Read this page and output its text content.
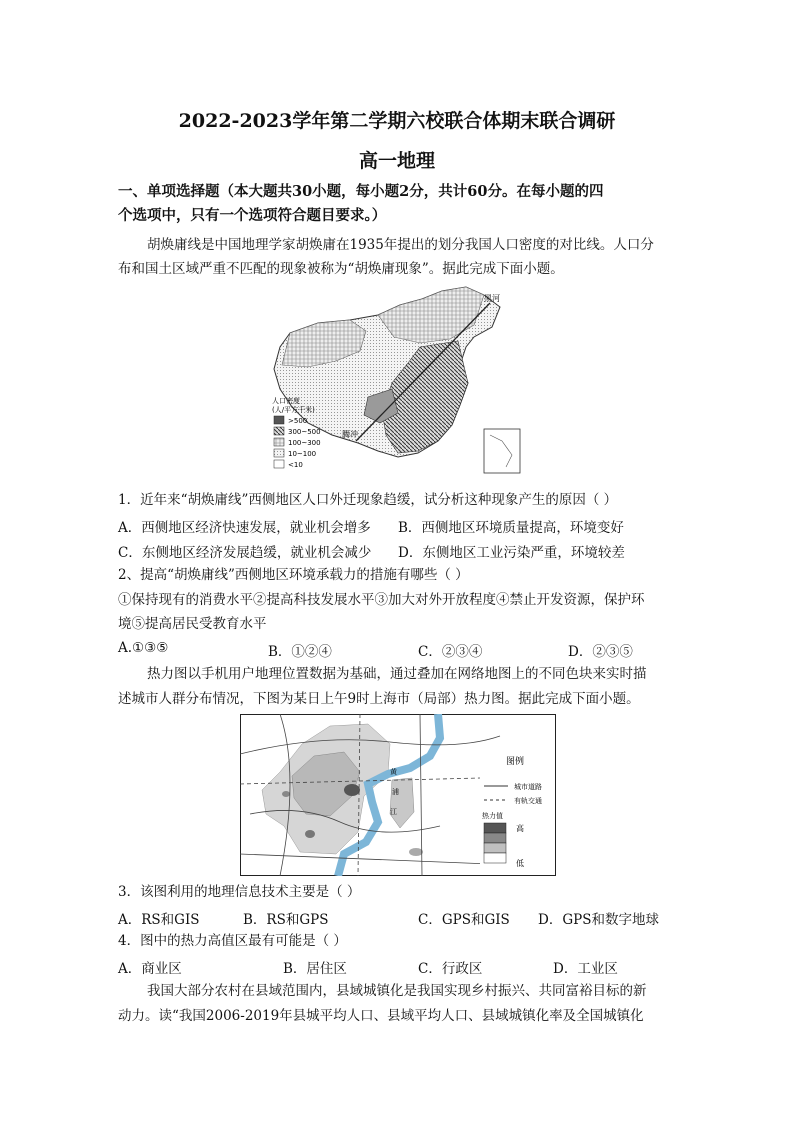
2022-2023学年第二学期六校联合体期末联合调研
高一地理
一、单项选择题（本大题共30小题，每小题2分，共计60分。在每小题的四
个选项中，只有一个选项符合题目要求。）
胡焕庸线是中国地理学家胡焕庸在1935年提出的划分我国人口密度的对比线。人口分
布和国土区域严重不匹配的现象被称为“胡焕庸现象”。据此完成下面小题。
黑河
腾冲
人口密度
(人/平方千米)
>500
300~500
100~300
10~100
<10
1．近年来“胡焕庸线”西侧地区人口外迁现象趋缓，试分析这种现象产生的原因（ ）
A．西侧地区经济快速发展，就业机会增多 B．西侧地区环境质量提高，环境变好
C．东侧地区经济发展趋缓，就业机会减少 D．东侧地区工业污染严重，环境较差
2、提高“胡焕庸线”西侧地区环境承载力的措施有哪些（ ）
①保持现有的消费水平②提高科技发展水平③加大对外开放程度④禁止开发资源，保护环
境⑤提高居民受教育水平
A.①③⑤	B．①②④	C．②③④	D．②③⑤
热力图以手机用户地理位置数据为基础，通过叠加在网络地图上的不同色块来实时描
述城市人群分布情况，下图为某日上午9时上海市（局部）热力图。据此完成下面小题。
黄
浦
江
图例
城市道路
有轨交通
热力值
高
低
3．该图利用的地理信息技术主要是（ ）
A．RS和GIS	B．RS和GPS	C．GPS和GIS D．GPS和数字地球
4．图中的热力高值区最有可能是（ ）
A．商业区	B．居住区	C．行政区	D．工业区
我国大部分农村在县域范围内，县域城镇化是我国实现乡村振兴、共同富裕目标的新
动力。读“我国2006-2019年县城平均人口、县域平均人口、县域城镇化率及全国城镇化
